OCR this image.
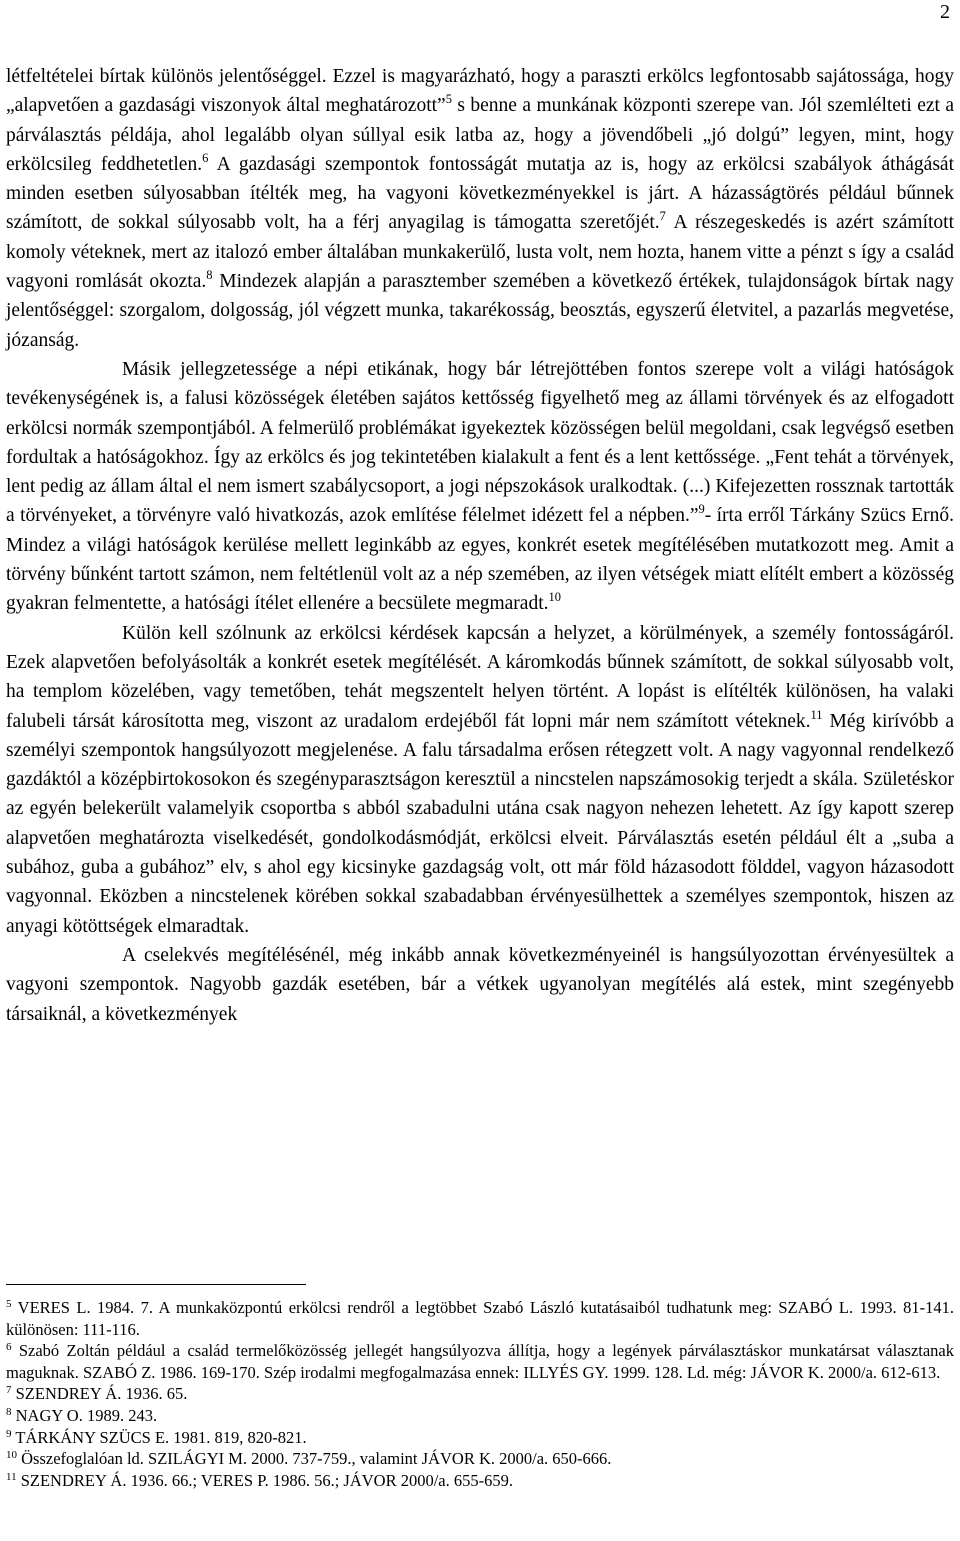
2

létfeltételei bírtak különös jelentőséggel. Ezzel is magyarázható, hogy a paraszti erkölcs legfontosabb sajátossága, hogy „alapvetően a gazdasági viszonyok által meghatározott”$^5$ s benne a munkának központi szerepe van. Jól szemlélteti ezt a párválasztás példája, ahol legalább olyan súllyal esik latba az, hogy a jövendőbeli „jó dolgú” legyen, mint, hogy erkölcsileg feddhetetlen.$^6$ A gazdasági szempontok fontosságát mutatja az is, hogy az erkölcsi szabályok áthágását minden esetben súlyosabban ítélték meg, ha vagyoni következményekkel is járt. A házasságtörés például bűnnek számított, de sokkal súlyosabb volt, ha a férj anyagilag is támogatta szeretőjét.$^7$ A részegeskedés is azért számított komoly véteknek, mert az italozó ember általában munkakerülő, lusta volt, nem hozta, hanem vitte a pénzt s így a család vagyoni romlását okozta.$^8$ Mindezek alapján a parasztember szemében a következő értékek, tulajdonságok bírtak nagy jelentőséggel: szorgalom, dolgosság, jól végzett munka, takarékosság, beosztás, egyszerű életvitel, a pazarlás megvetése, józanság.

Másik jellegzetessége a népi etikának, hogy bár létrejöttében fontos szerepe volt a világi hatóságok tevékenységének is, a falusi közösségek életében sajátos kettősség figyelhető meg az állami törvények és az elfogadott erkölcsi normák szempontjából. A felmerülő problémákat igyekeztek közösségen belül megoldani, csak legvégső esetben fordultak a hatóságokhoz. Így az erkölcs és jog tekintetében kialakult a fent és a lent kettőssége. „Fent tehát a törvények, lent pedig az állam által el nem ismert szabálycsoport, a jogi népszokások uralkodtak. (...) Kifejezetten rossznak tartották a törvényeket, a törvényre való hivatkozás, azok említése félelmet idézett fel a népben.”$^9$- írta erről Tárkány Szücs Ernő. Mindez a világi hatóságok kerülése mellett leginkább az egyes, konkrét esetek megítélésében mutatkozott meg. Amit a törvény bűnként tartott számon, nem feltétlenül volt az a nép szemében, az ilyen vétségek miatt elítélt embert a közösség gyakran felmentette, a hatósági ítélet ellenére a becsülete megmaradt.$^{10}$

Külön kell szólnunk az erkölcsi kérdések kapcsán a helyzet, a körülmények, a személy fontosságáról. Ezek alapvetően befolyásolták a konkrét esetek megítélését. A káromkodás bűnnek számított, de sokkal súlyosabb volt, ha templom közelében, vagy temetőben, tehát megszentelt helyen történt. A lopást is elítélték különösen, ha valaki falubeli társát károsította meg, viszont az uradalom erdejéből fát lopni már nem számított véteknek.$^{11}$ Még kirívóbb a személyi szempontok hangsúlyozott megjelenése. A falu társadalma erősen rétegzett volt. A nagy vagyonnal rendelkező gazdáktól a középbirtokosokon és szegényparasztságon keresztül a nincstelen napszámosokig terjedt a skála. Születéskor az egyén belekerült valamelyik csoportba s abból szabadulni utána csak nagyon nehezen lehetett. Az így kapott szerep alapvetően meghatározta viselkedését, gondolkodásmódját, erkölcsi elveit. Párválasztás esetén például élt a „suba a subához, guba a gubához” elv, s ahol egy kicsinyke gazdagság volt, ott már föld házasodott földdel, vagyon házasodott vagyonnal. Eközben a nincstelenek körében sokkal szabadabban érvényesülhettek a személyes szempontok, hiszen az anyagi kötöttségek elmaradtak.

A cselekvés megítélésénél, még inkább annak következményeinél is hangsúlyozottan érvényesültek a vagyoni szempontok. Nagyobb gazdák esetében, bár a vétkek ugyanolyan megítélés alá estek, mint szegényebb társaiknál, a következmények

$^5$ VERES L. 1984. 7. A munkaközpontú erkölcsi rendről a legtöbbet Szabó László kutatásaiból tudhatunk meg: SZABÓ L. 1993. 81-141. különösen: 111-116.

$^6$ Szabó Zoltán például a család termelőközösség jellegét hangsúlyozva állítja, hogy a legények párválasztáskor munkatársat választanak maguknak. SZABÓ Z. 1986. 169-170. Szép irodalmi megfogalmazása ennek: ILLYÉS GY. 1999. 128. Ld. még: JÁVOR K. 2000/a. 612-613.

$^7$ SZENDREY Á. 1936. 65.

$^8$ NAGY O. 1989. 243.

$^9$ TÁRKÁNY SZÜCS E. 1981. 819, 820-821.

$^{10}$ Összefoglalóan ld. SZILÁGYI M. 2000. 737-759., valamint JÁVOR K. 2000/a. 650-666.

$^{11}$ SZENDREY Á. 1936. 66.; VERES P. 1986. 56.; JÁVOR 2000/a. 655-659.
